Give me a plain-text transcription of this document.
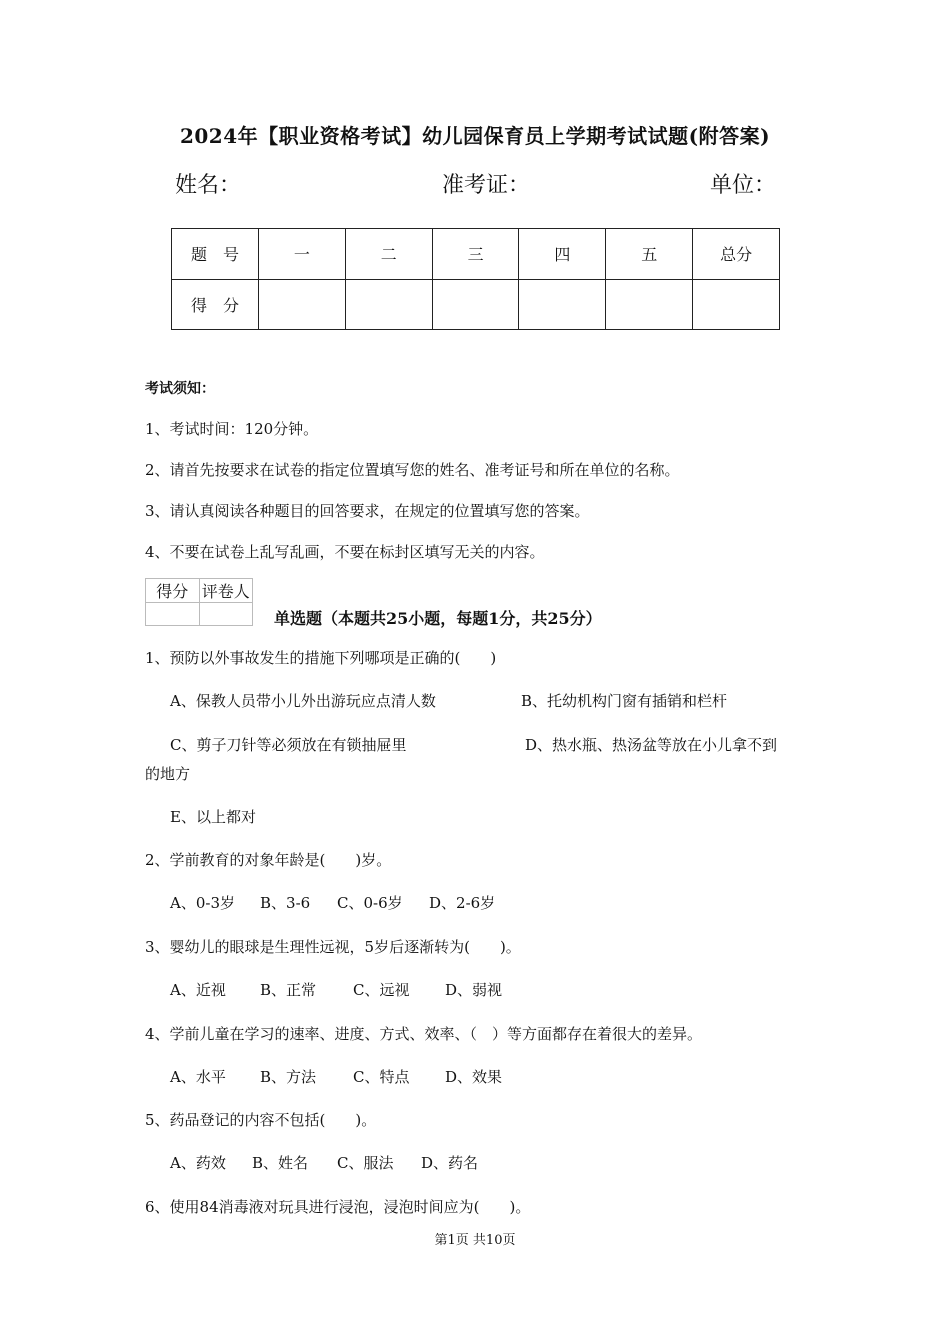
2024年【职业资格考试】幼儿园保育员上学期考试试题(附答案)
姓名：	准考证：	单位：
题　号	一	二	三	四	五	总分
得　分						
考试须知：
1、考试时间：120分钟。
2、请首先按要求在试卷的指定位置填写您的姓名、准考证号和所在单位的名称。
3、请认真阅读各种题目的回答要求，在规定的位置填写您的答案。
4、不要在试卷上乱写乱画，不要在标封区填写无关的内容。
得分	评卷人

单选题（本题共25小题，每题1分，共25分）
1、预防以外事故发生的措施下列哪项是正确的(　　)
A、保教人员带小儿外出游玩应点清人数	B、托幼机构门窗有插销和栏杆
C、剪子刀针等必须放在有锁抽屉里	D、热水瓶、热汤盆等放在小儿拿不到
的地方
E、以上都对
2、学前教育的对象年龄是(　　)岁。
A、0-3岁 B、3-6 C、0-6岁 D、2-6岁
3、婴幼儿的眼球是生理性远视，5岁后逐渐转为(　　)。
A、近视 B、正常 C、远视 D、弱视
4、学前儿童在学习的速率、进度、方式、效率、（　）等方面都存在着很大的差异。
A、水平 B、方法 C、特点 D、效果
5、药品登记的内容不包括(　　)。
A、药效 B、姓名 C、服法 D、药名
6、使用84消毒液对玩具进行浸泡，浸泡时间应为(　　)。
第1页 共10页
